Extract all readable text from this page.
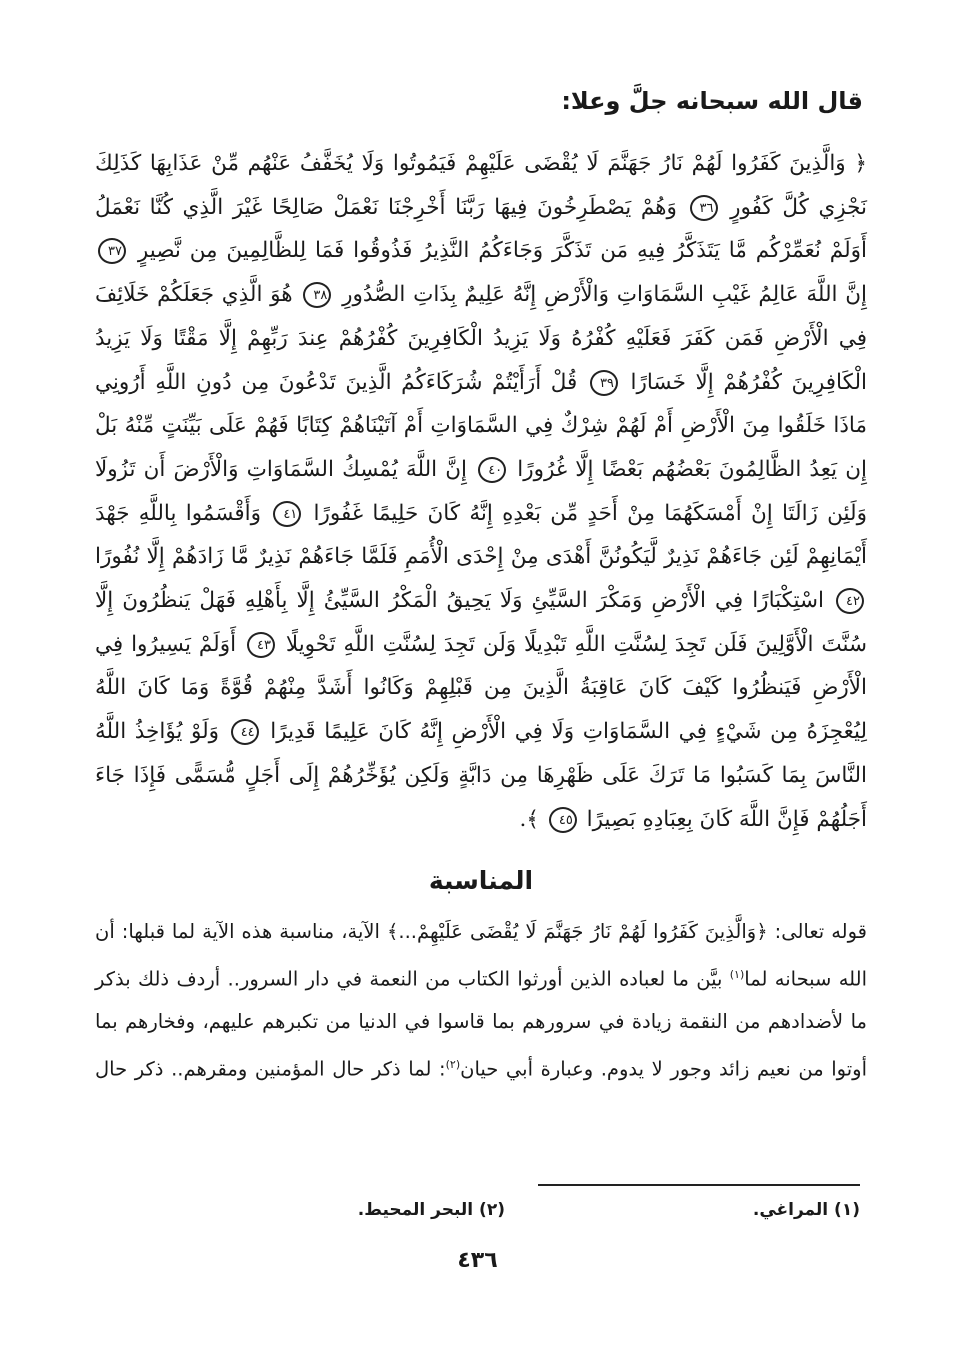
قال الله سبحانه جلَّ وعلا:
﴿ وَالَّذِينَ كَفَرُوا لَهُمْ نَارُ جَهَنَّمَ لَا يُقْضَى عَلَيْهِمْ فَيَمُوتُوا وَلَا يُخَفَّفُ عَنْهُم مِّنْ عَذَابِهَا كَذَلِكَ نَجْزِي كُلَّ كَفُورٍ ٣٦ وَهُمْ يَصْطَرِخُونَ فِيهَا رَبَّنَا أَخْرِجْنَا نَعْمَلْ صَالِحًا غَيْرَ الَّذِي كُنَّا نَعْمَلُ أَوَلَمْ نُعَمِّرْكُم مَّا يَتَذَكَّرُ فِيهِ مَن تَذَكَّرَ وَجَاءَكُمُ النَّذِيرُ فَذُوقُوا فَمَا لِلظَّالِمِينَ مِن نَّصِيرٍ ٣٧ إِنَّ اللَّهَ عَالِمُ غَيْبِ السَّمَاوَاتِ وَالْأَرْضِ إِنَّهُ عَلِيمٌ بِذَاتِ الصُّدُورِ ٣٨ هُوَ الَّذِي جَعَلَكُمْ خَلَائِفَ فِي الْأَرْضِ فَمَن كَفَرَ فَعَلَيْهِ كُفْرُهُ وَلَا يَزِيدُ الْكَافِرِينَ كُفْرُهُمْ عِندَ رَبِّهِمْ إِلَّا مَقْتًا وَلَا يَزِيدُ الْكَافِرِينَ كُفْرُهُمْ إِلَّا خَسَارًا ٣٩ قُلْ أَرَأَيْتُمْ شُرَكَاءَكُمُ الَّذِينَ تَدْعُونَ مِن دُونِ اللَّهِ أَرُونِي مَاذَا خَلَقُوا مِنَ الْأَرْضِ أَمْ لَهُمْ شِرْكٌ فِي السَّمَاوَاتِ أَمْ آتَيْنَاهُمْ كِتَابًا فَهُمْ عَلَى بَيِّنَتٍ مِّنْهُ بَلْ إِن يَعِدُ الظَّالِمُونَ بَعْضُهُم بَعْضًا إِلَّا غُرُورًا ٤٠ إِنَّ اللَّهَ يُمْسِكُ السَّمَاوَاتِ وَالْأَرْضَ أَن تَزُولَا وَلَئِن زَالَتَا إِنْ أَمْسَكَهُمَا مِنْ أَحَدٍ مِّن بَعْدِهِ إِنَّهُ كَانَ حَلِيمًا غَفُورًا ٤١ وَأَقْسَمُوا بِاللَّهِ جَهْدَ أَيْمَانِهِمْ لَئِن جَاءَهُمْ نَذِيرٌ لَّيَكُونُنَّ أَهْدَى مِنْ إِحْدَى الْأُمَمِ فَلَمَّا جَاءَهُمْ نَذِيرٌ مَّا زَادَهُمْ إِلَّا نُفُورًا ٤٢ اسْتِكْبَارًا فِي الْأَرْضِ وَمَكْرَ السَّيِّئِ وَلَا يَحِيقُ الْمَكْرُ السَّيِّئُ إِلَّا بِأَهْلِهِ فَهَلْ يَنظُرُونَ إِلَّا سُنَّتَ الْأَوَّلِينَ فَلَن تَجِدَ لِسُنَّتِ اللَّهِ تَبْدِيلًا وَلَن تَجِدَ لِسُنَّتِ اللَّهِ تَحْوِيلًا ٤٣ أَوَلَمْ يَسِيرُوا فِي الْأَرْضِ فَيَنظُرُوا كَيْفَ كَانَ عَاقِبَةُ الَّذِينَ مِن قَبْلِهِمْ وَكَانُوا أَشَدَّ مِنْهُمْ قُوَّةً وَمَا كَانَ اللَّهُ لِيُعْجِزَهُ مِن شَيْءٍ فِي السَّمَاوَاتِ وَلَا فِي الْأَرْضِ إِنَّهُ كَانَ عَلِيمًا قَدِيرًا ٤٤ وَلَوْ يُؤَاخِذُ اللَّهُ النَّاسَ بِمَا كَسَبُوا مَا تَرَكَ عَلَى ظَهْرِهَا مِن دَابَّةٍ وَلَكِن يُؤَخِّرُهُمْ إِلَى أَجَلٍ مُّسَمًّى فَإِذَا جَاءَ أَجَلُهُمْ فَإِنَّ اللَّهَ كَانَ بِعِبَادِهِ بَصِيرًا ٤٥ ﴾.
المناسبة
قوله تعالى: ﴿وَالَّذِينَ كَفَرُوا لَهُمْ نَارُ جَهَنَّمَ لَا يُقْضَى عَلَيْهِمْ...﴾ الآية، مناسبة هذه الآية لما قبلها: أن الله سبحانه لما$^{(١)}$ بيَّن ما لعباده الذين أورثوا الكتاب من النعمة في دار السرور.. أردف ذلك بذكر ما لأضدادهم من النقمة زيادة في سرورهم بما قاسوا في الدنيا من تكبرهم عليهم، وفخارهم بما أوتوا من نعيم زائد وجور لا يدوم. وعبارة أبي حيان$^{(٢)}$: لما ذكر حال المؤمنين ومقرهم.. ذكر حال
(١) المراغي.
(٢) البحر المحيط.
٤٣٦
